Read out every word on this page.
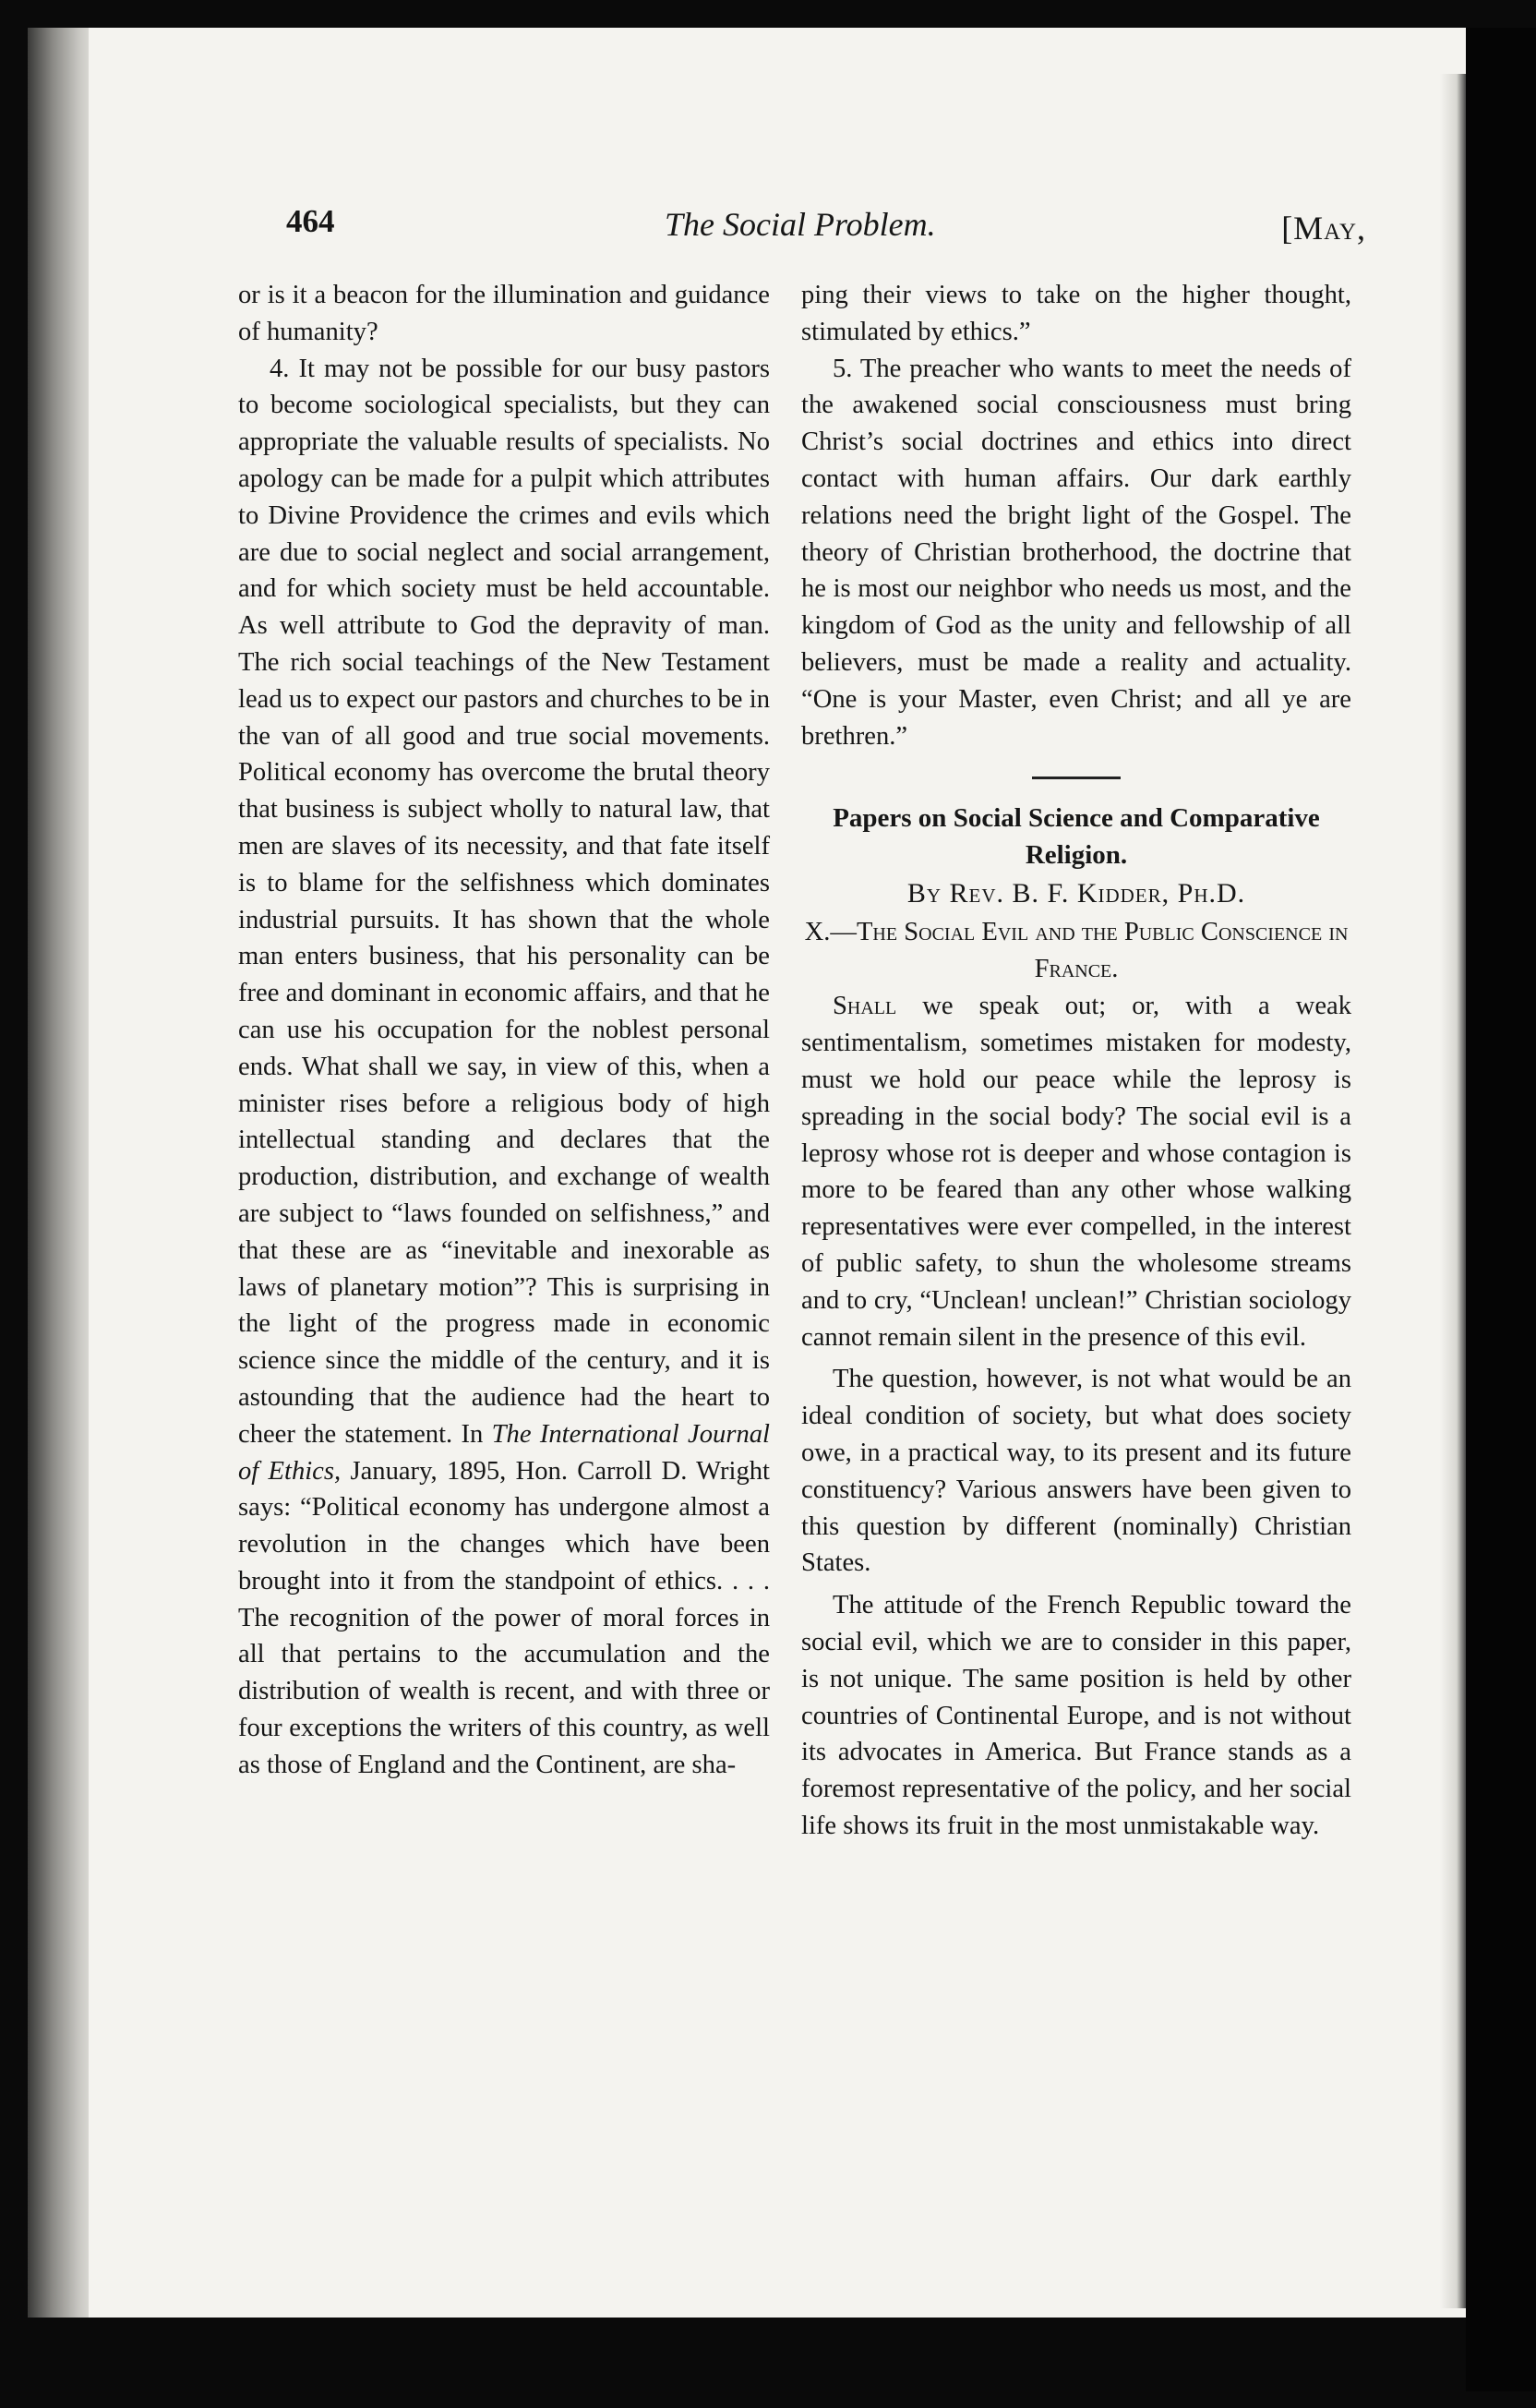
464	The Social Problem.	[May,

or is it a beacon for the illumination and guidance of humanity?

4. It may not be possible for our busy pastors to become sociological specialists, but they can appropriate the valuable results of specialists. No apology can be made for a pulpit which attributes to Divine Providence the crimes and evils which are due to social neglect and social arrangement, and for which society must be held accountable. As well attribute to God the depravity of man. The rich social teachings of the New Testament lead us to expect our pastors and churches to be in the van of all good and true social movements. Political economy has overcome the brutal theory that business is subject wholly to natural law, that men are slaves of its necessity, and that fate itself is to blame for the selfishness which dominates industrial pursuits. It has shown that the whole man enters business, that his personality can be free and dominant in economic affairs, and that he can use his occupation for the noblest personal ends. What shall we say, in view of this, when a minister rises before a religious body of high intellectual standing and declares that the production, distribution, and exchange of wealth are subject to “laws founded on selfishness,” and that these are as “inevitable and inexorable as laws of planetary motion”? This is surprising in the light of the progress made in economic science since the middle of the century, and it is astounding that the audience had the heart to cheer the statement. In The International Journal of Ethics, January, 1895, Hon. Carroll D. Wright says: “Political economy has undergone almost a revolution in the changes which have been brought into it from the standpoint of ethics. . . . The recognition of the power of moral forces in all that pertains to the accumulation and the distribution of wealth is recent, and with three or four exceptions the writers of this country, as well as those of England and the Continent, are sha-

ping their views to take on the higher thought, stimulated by ethics.”

5. The preacher who wants to meet the needs of the awakened social consciousness must bring Christ’s social doctrines and ethics into direct contact with human affairs. Our dark earthly relations need the bright light of the Gospel. The theory of Christian brotherhood, the doctrine that he is most our neighbor who needs us most, and the kingdom of God as the unity and fellowship of all believers, must be made a reality and actuality. “One is your Master, even Christ; and all ye are brethren.”

Papers on Social Science and Comparative Religion.

By Rev. B. F. Kidder, Ph.D.

X.—The Social Evil and the Public Conscience in France.

Shall we speak out; or, with a weak sentimentalism, sometimes mistaken for modesty, must we hold our peace while the leprosy is spreading in the social body? The social evil is a leprosy whose rot is deeper and whose contagion is more to be feared than any other whose walking representatives were ever compelled, in the interest of public safety, to shun the wholesome streams and to cry, “Unclean! unclean!” Christian sociology cannot remain silent in the presence of this evil.

The question, however, is not what would be an ideal condition of society, but what does society owe, in a practical way, to its present and its future constituency? Various answers have been given to this question by different (nominally) Christian States.

The attitude of the French Republic toward the social evil, which we are to consider in this paper, is not unique. The same position is held by other countries of Continental Europe, and is not without its advocates in America. But France stands as a foremost representative of the policy, and her social life shows its fruit in the most unmistakable way.
